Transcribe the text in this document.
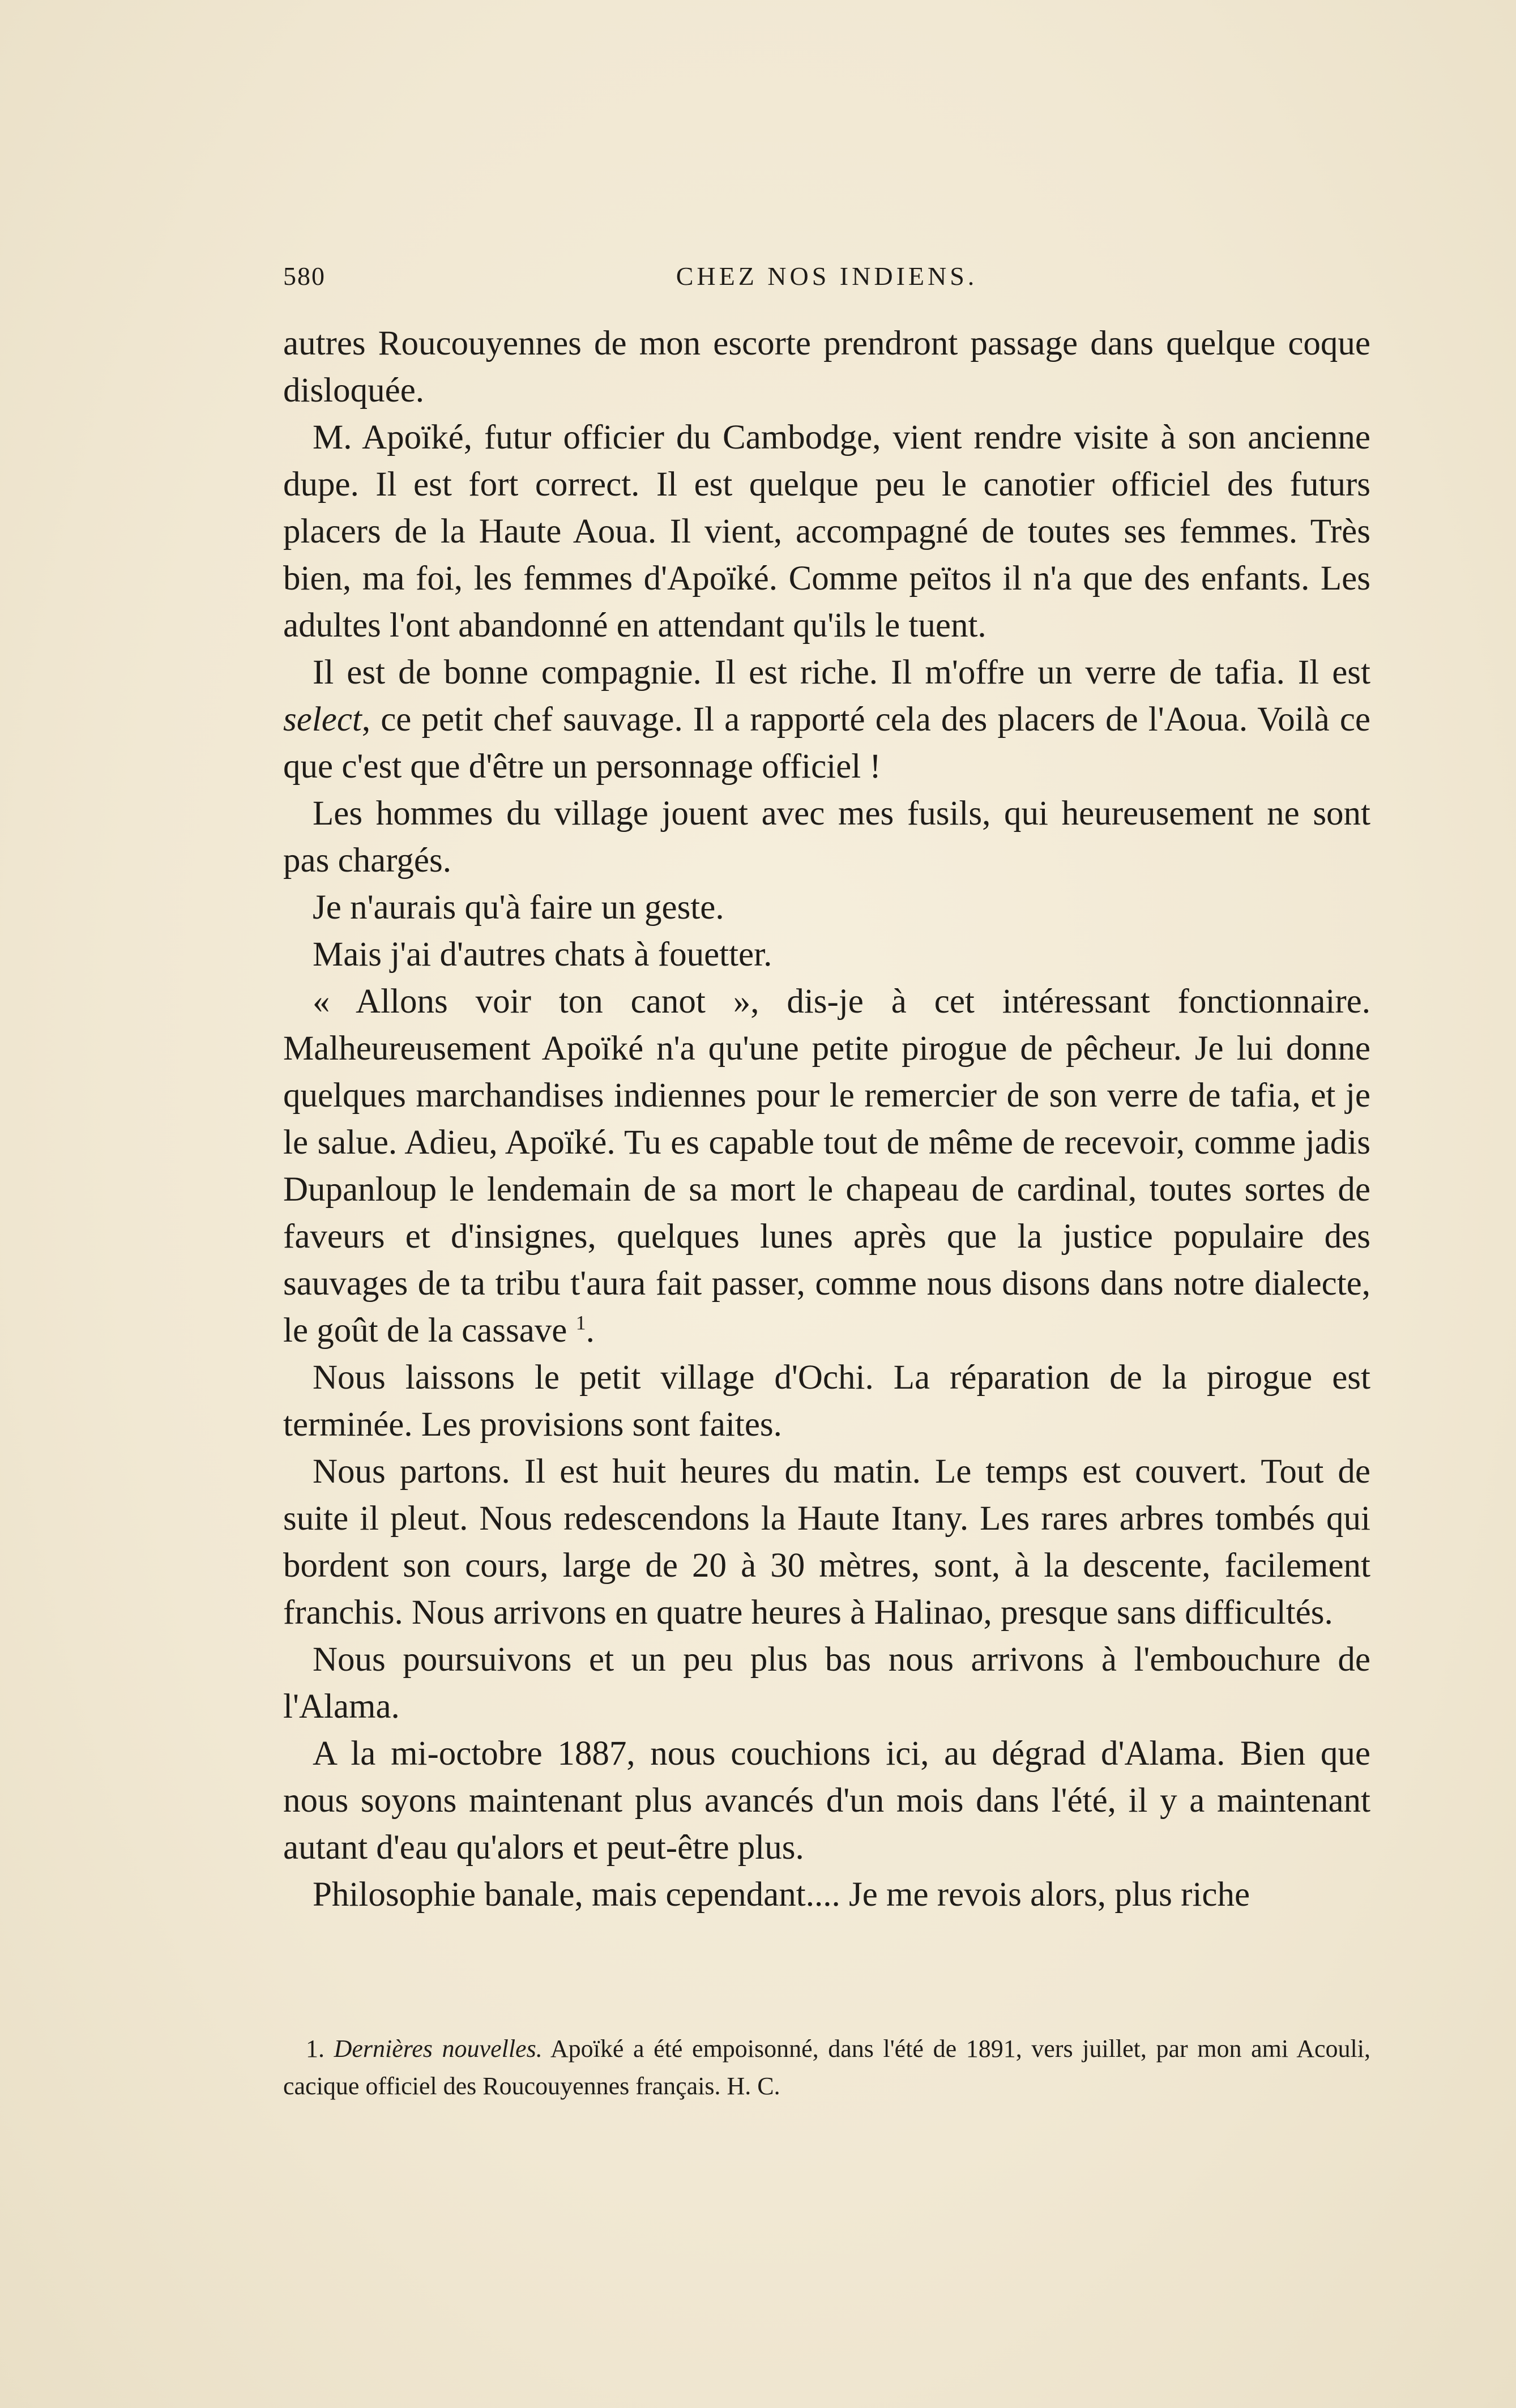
580	CHEZ NOS INDIENS.

autres Roucouyennes de mon escorte prendront passage dans quelque coque disloquée.

M. Apoïké, futur officier du Cambodge, vient rendre visite à son ancienne dupe. Il est fort correct. Il est quelque peu le canotier officiel des futurs placers de la Haute Aoua. Il vient, accompagné de toutes ses femmes. Très bien, ma foi, les femmes d'Apoïké. Comme peïtos il n'a que des enfants. Les adultes l'ont abandonné en attendant qu'ils le tuent.

Il est de bonne compagnie. Il est riche. Il m'offre un verre de tafia. Il est select, ce petit chef sauvage. Il a rapporté cela des placers de l'Aoua. Voilà ce que c'est que d'être un personnage officiel !

Les hommes du village jouent avec mes fusils, qui heureusement ne sont pas chargés.

Je n'aurais qu'à faire un geste.

Mais j'ai d'autres chats à fouetter.

« Allons voir ton canot », dis-je à cet intéressant fonctionnaire. Malheureusement Apoïké n'a qu'une petite pirogue de pêcheur. Je lui donne quelques marchandises indiennes pour le remercier de son verre de tafia, et je le salue. Adieu, Apoïké. Tu es capable tout de même de recevoir, comme jadis Dupanloup le lendemain de sa mort le chapeau de cardinal, toutes sortes de faveurs et d'insignes, quelques lunes après que la justice populaire des sauvages de ta tribu t'aura fait passer, comme nous disons dans notre dialecte, le goût de la cassave $^1$.

Nous laissons le petit village d'Ochi. La réparation de la pirogue est terminée. Les provisions sont faites.

Nous partons. Il est huit heures du matin. Le temps est couvert. Tout de suite il pleut. Nous redescendons la Haute Itany. Les rares arbres tombés qui bordent son cours, large de 20 à 30 mètres, sont, à la descente, facilement franchis. Nous arrivons en quatre heures à Halinao, presque sans difficultés.

Nous poursuivons et un peu plus bas nous arrivons à l'embouchure de l'Alama.

A la mi-octobre 1887, nous couchions ici, au dégrad d'Alama. Bien que nous soyons maintenant plus avancés d'un mois dans l'été, il y a maintenant autant d'eau qu'alors et peut-être plus.

Philosophie banale, mais cependant.... Je me revois alors, plus riche

1. Dernières nouvelles. Apoïké a été empoisonné, dans l'été de 1891, vers juillet, par mon ami Acouli, cacique officiel des Roucouyennes français. H. C.
